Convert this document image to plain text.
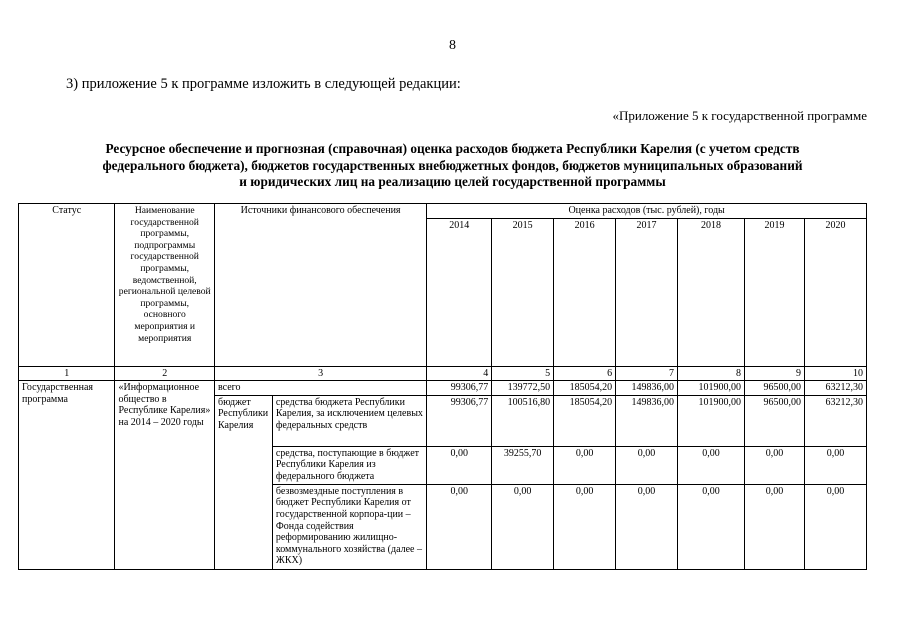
8
3) приложение 5 к программе изложить в следующей редакции:
«Приложение 5 к государственной программе
Ресурсное обеспечение и прогнозная (справочная) оценка расходов бюджета Республики Карелия (с учетом средств
федерального бюджета), бюджетов государственных внебюджетных фондов, бюджетов муниципальных образований
и юридических лиц на реализацию целей государственной программы
Статус	Наименование государственной программы, подпрограммы государственной программы, ведомственной, региональной целевой программы, основного мероприятия и мероприятия	Источники финансового обеспечения		Оценка расходов (тыс. рублей), годы						
				2014	2015	2016	2017	2018	2019	2020
1	2	3		4	5	6	7	8	9	10
Государственная программа	«Информационное общество в Республике Карелия» на 2014 – 2020 годы	всего		99306,77	139772,50	185054,20	149836,00	101900,00	96500,00	63212,30
		бюджет Республики Карелия	средства бюджета Республики Карелия, за исключением целевых федеральных средств	99306,77	100516,80	185054,20	149836,00	101900,00	96500,00	63212,30
			средства, поступающие в бюджет Республики Карелия из федерального бюджета	0,00	39255,70	0,00	0,00	0,00	0,00	0,00
			безвозмездные поступления в бюджет Республики Карелия от государственной корпора-ции – Фонда содействия реформированию жилищно-коммунального хозяйства (далее – ЖКХ)	0,00	0,00	0,00	0,00	0,00	0,00	0,00
